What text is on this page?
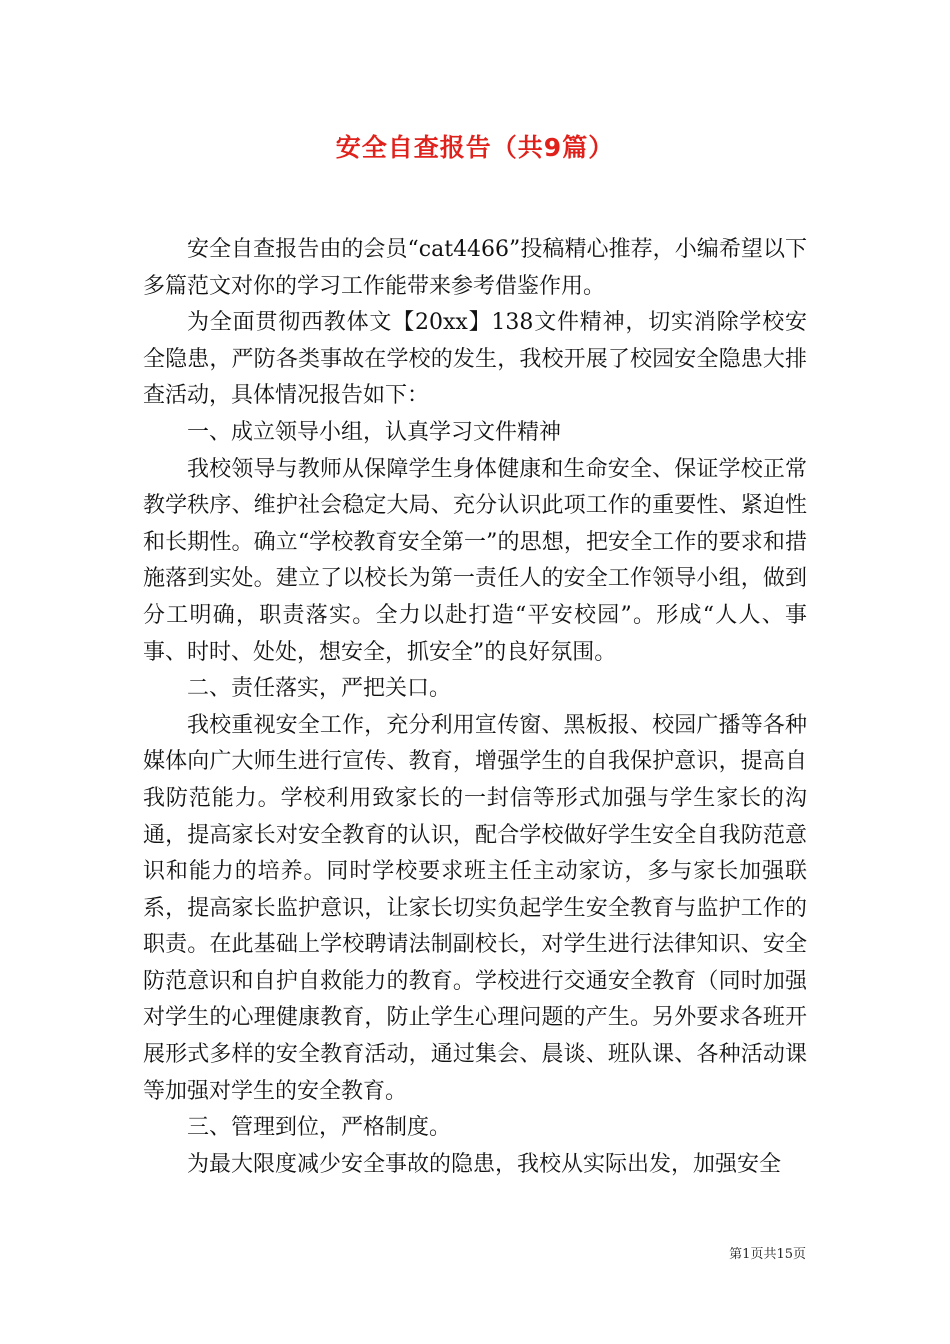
安全自查报告（共9篇）

安全自查报告由的会员“cat4466”投稿精心推荐，小编希望以下多篇范文对你的学习工作能带来参考借鉴作用。

为全面贯彻西教体文【20xx】138文件精神，切实消除学校安全隐患，严防各类事故在学校的发生，我校开展了校园安全隐患大排查活动，具体情况报告如下：

一、成立领导小组，认真学习文件精神

我校领导与教师从保障学生身体健康和生命安全、保证学校正常教学秩序、维护社会稳定大局、充分认识此项工作的重要性、紧迫性和长期性。确立“学校教育安全第一”的思想，把安全工作的要求和措施落到实处。建立了以校长为第一责任人的安全工作领导小组，做到分工明确，职责落实。全力以赴打造“平安校园”。形成“人人、事事、时时、处处，想安全，抓安全”的良好氛围。

二、责任落实，严把关口。

我校重视安全工作，充分利用宣传窗、黑板报、校园广播等各种媒体向广大师生进行宣传、教育，增强学生的自我保护意识，提高自我防范能力。学校利用致家长的一封信等形式加强与学生家长的沟通，提高家长对安全教育的认识，配合学校做好学生安全自我防范意识和能力的培养。同时学校要求班主任主动家访，多与家长加强联系，提高家长监护意识，让家长切实负起学生安全教育与监护工作的职责。在此基础上学校聘请法制副校长，对学生进行法律知识、安全防范意识和自护自救能力的教育。学校进行交通安全教育（同时加强对学生的心理健康教育，防止学生心理问题的产生。另外要求各班开展形式多样的安全教育活动，通过集会、晨谈、班队课、各种活动课等加强对学生的安全教育。

三、管理到位，严格制度。

为最大限度减少安全事故的隐患，我校从实际出发，加强安全

第1页共15页
